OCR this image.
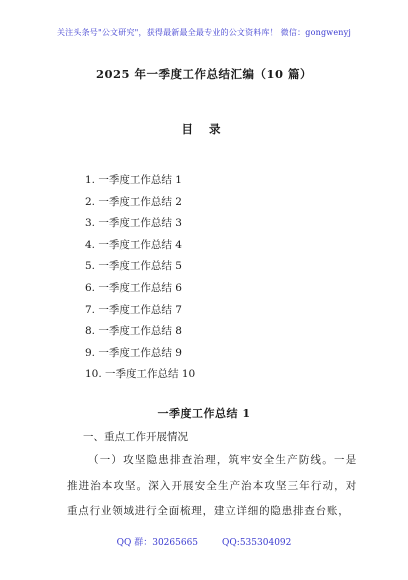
关注头条号"公文研究"，获得最新最全最专业的公文资料库！ 微信：gongwenyj
2025 年一季度工作总结汇编（10 篇）
目 录
1. 一季度工作总结 1
2. 一季度工作总结 2
3. 一季度工作总结 3
4. 一季度工作总结 4
5. 一季度工作总结 5
6. 一季度工作总结 6
7. 一季度工作总结 7
8. 一季度工作总结 8
9. 一季度工作总结 9
10. 一季度工作总结 10
一季度工作总结 1
一、重点工作开展情况
（一）攻坚隐患排查治理，筑牢安全生产防线。一是推进治本攻坚。深入开展安全生产治本攻坚三年行动，对重点行业领域进行全面梳理，建立详细的隐患排查台账，
QQ 群：30265665	QQ:535304092
